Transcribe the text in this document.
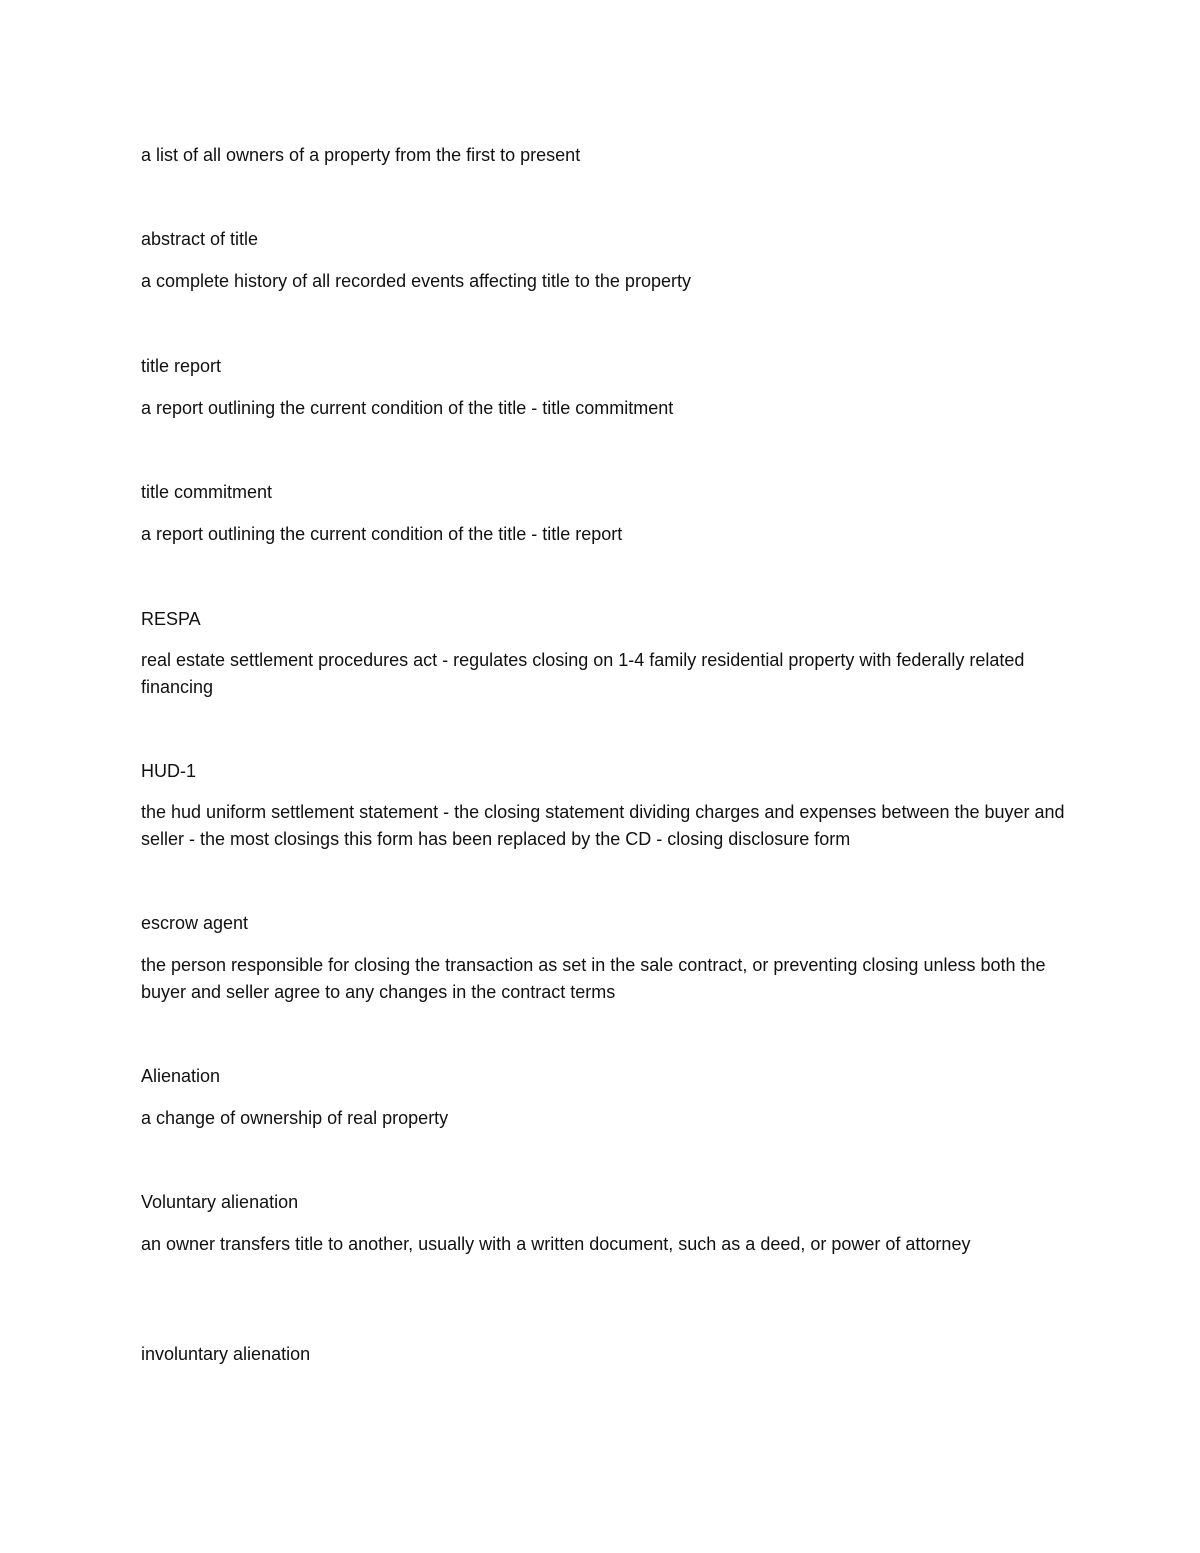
a list of all owners of a property from the first to present

abstract of title

a complete history of all recorded events affecting title to the property

title report

a report outlining the current condition of the title - title commitment

title commitment

a report outlining the current condition of the title - title report

RESPA

real estate settlement procedures act - regulates closing on 1-4 family residential property with federally related financing

HUD-1

the hud uniform settlement statement - the closing statement dividing charges and expenses between the buyer and seller - the most closings this form has been replaced by the CD - closing disclosure form

escrow agent

the person responsible for closing the transaction as set in the sale contract, or preventing closing unless both the buyer and seller agree to any changes in the contract terms

Alienation

a change of ownership of real property

Voluntary alienation

an owner transfers title to another, usually with a written document, such as a deed, or power of attorney

involuntary alienation
